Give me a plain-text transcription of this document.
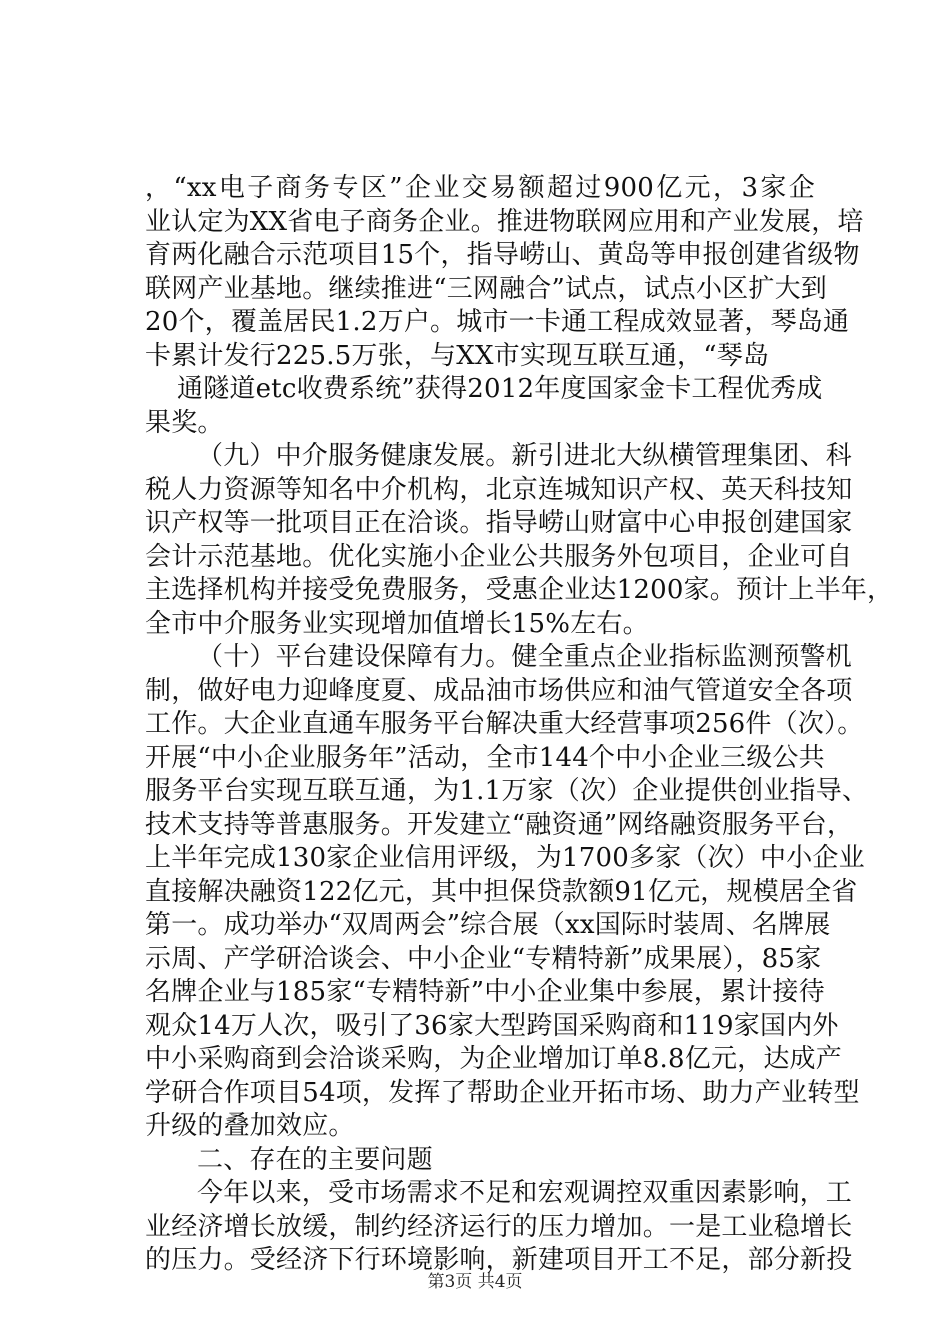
，“xx电子商务专区”企业交易额超过900亿元，3家企
业认定为XX省电子商务企业。推进物联网应用和产业发展，培
育两化融合示范项目15个，指导崂山、黄岛等申报创建省级物
联网产业基地。继续推进“三网融合”试点，试点小区扩大到
20个，覆盖居民1.2万户。城市一卡通工程成效显著，琴岛通
卡累计发行225.5万张，与XX市实现互联互通，“琴岛
通隧道etc收费系统”获得2012年度国家金卡工程优秀成
果奖。
（九）中介服务健康发展。新引进北大纵横管理集团、科
税人力资源等知名中介机构，北京连城知识产权、英天科技知
识产权等一批项目正在洽谈。指导崂山财富中心申报创建国家
会计示范基地。优化实施小企业公共服务外包项目，企业可自
主选择机构并接受免费服务，受惠企业达1200家。预计上半年，
全市中介服务业实现增加值增长15%左右。
（十）平台建设保障有力。健全重点企业指标监测预警机
制，做好电力迎峰度夏、成品油市场供应和油气管道安全各项
工作。大企业直通车服务平台解决重大经营事项256件（次）。
开展“中小企业服务年”活动，全市144个中小企业三级公共
服务平台实现互联互通，为1.1万家（次）企业提供创业指导、
技术支持等普惠服务。开发建立“融资通”网络融资服务平台，
上半年完成130家企业信用评级，为1700多家（次）中小企业
直接解决融资122亿元，其中担保贷款额91亿元，规模居全省
第一。成功举办“双周两会”综合展（xx国际时装周、名牌展
示周、产学研洽谈会、中小企业“专精特新”成果展），85家
名牌企业与185家“专精特新”中小企业集中参展，累计接待
观众14万人次，吸引了36家大型跨国采购商和119家国内外
中小采购商到会洽谈采购，为企业增加订单8.8亿元，达成产
学研合作项目54项，发挥了帮助企业开拓市场、助力产业转型
升级的叠加效应。
二、存在的主要问题
今年以来，受市场需求不足和宏观调控双重因素影响，工
业经济增长放缓，制约经济运行的压力增加。一是工业稳增长
的压力。受经济下行环境影响，新建项目开工不足，部分新投
第3页 共4页
